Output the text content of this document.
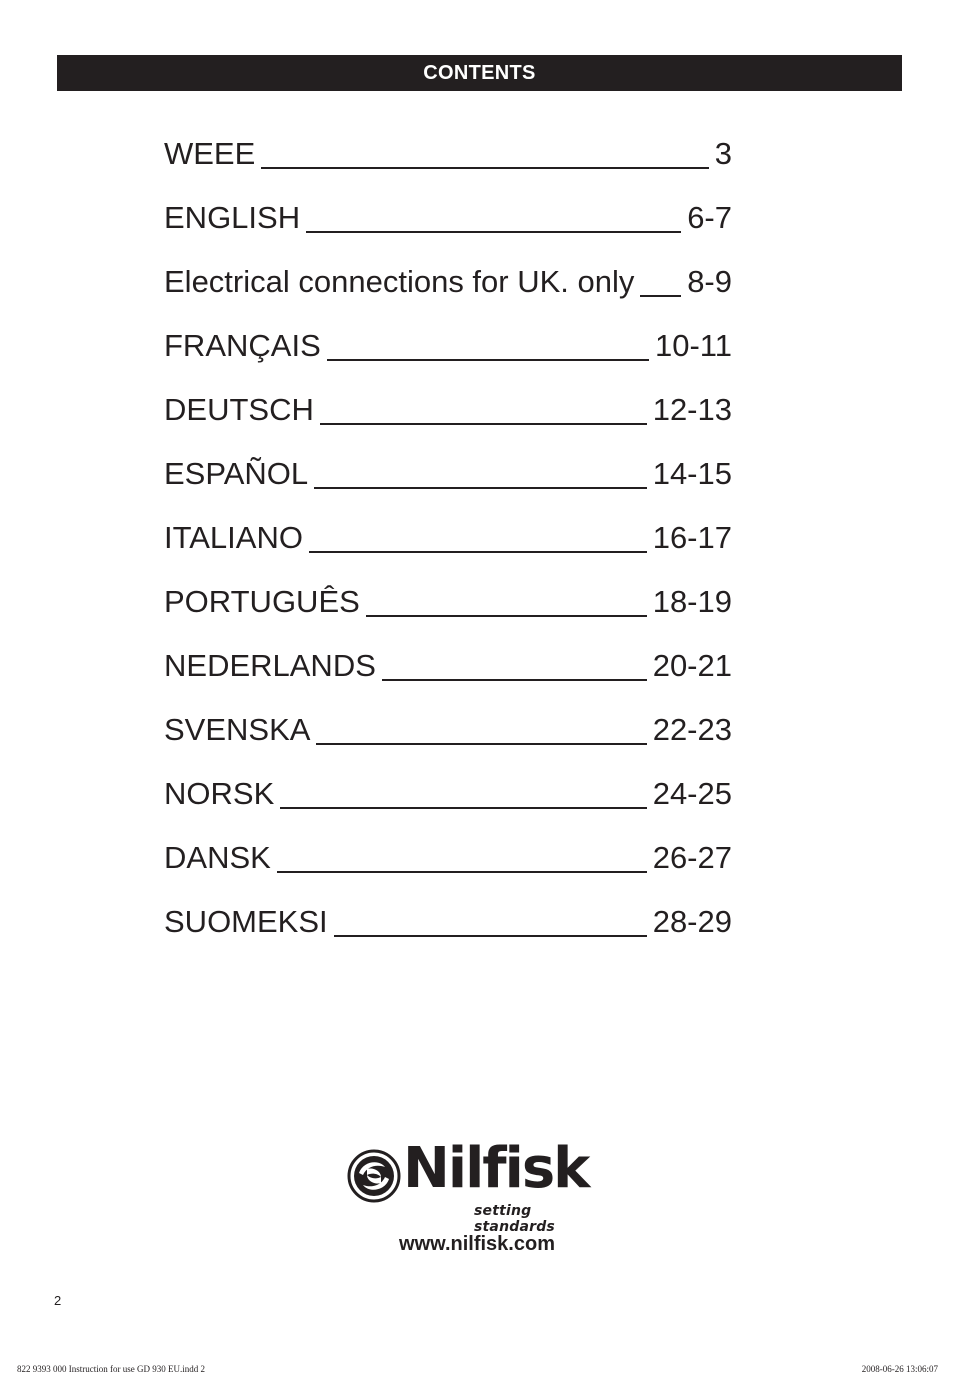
CONTENTS
WEEE	3
ENGLISH	6-7
Electrical connections for UK. only 8-9
FRANÇAIS	10-11
DEUTSCH	12-13
ESPAÑOL	14-15
ITALIANO	16-17
PORTUGUÊS	18-19
NEDERLANDS	20-21
SVENSKA	22-23
NORSK	24-25
DANSK	26-27
SUOMEKSI	28-29
Nilfisk
setting standards
www.nilfisk.com
2
822 9393 000 Instruction for use GD 930 EU.indd 2	2008-06-26 13:06:07
